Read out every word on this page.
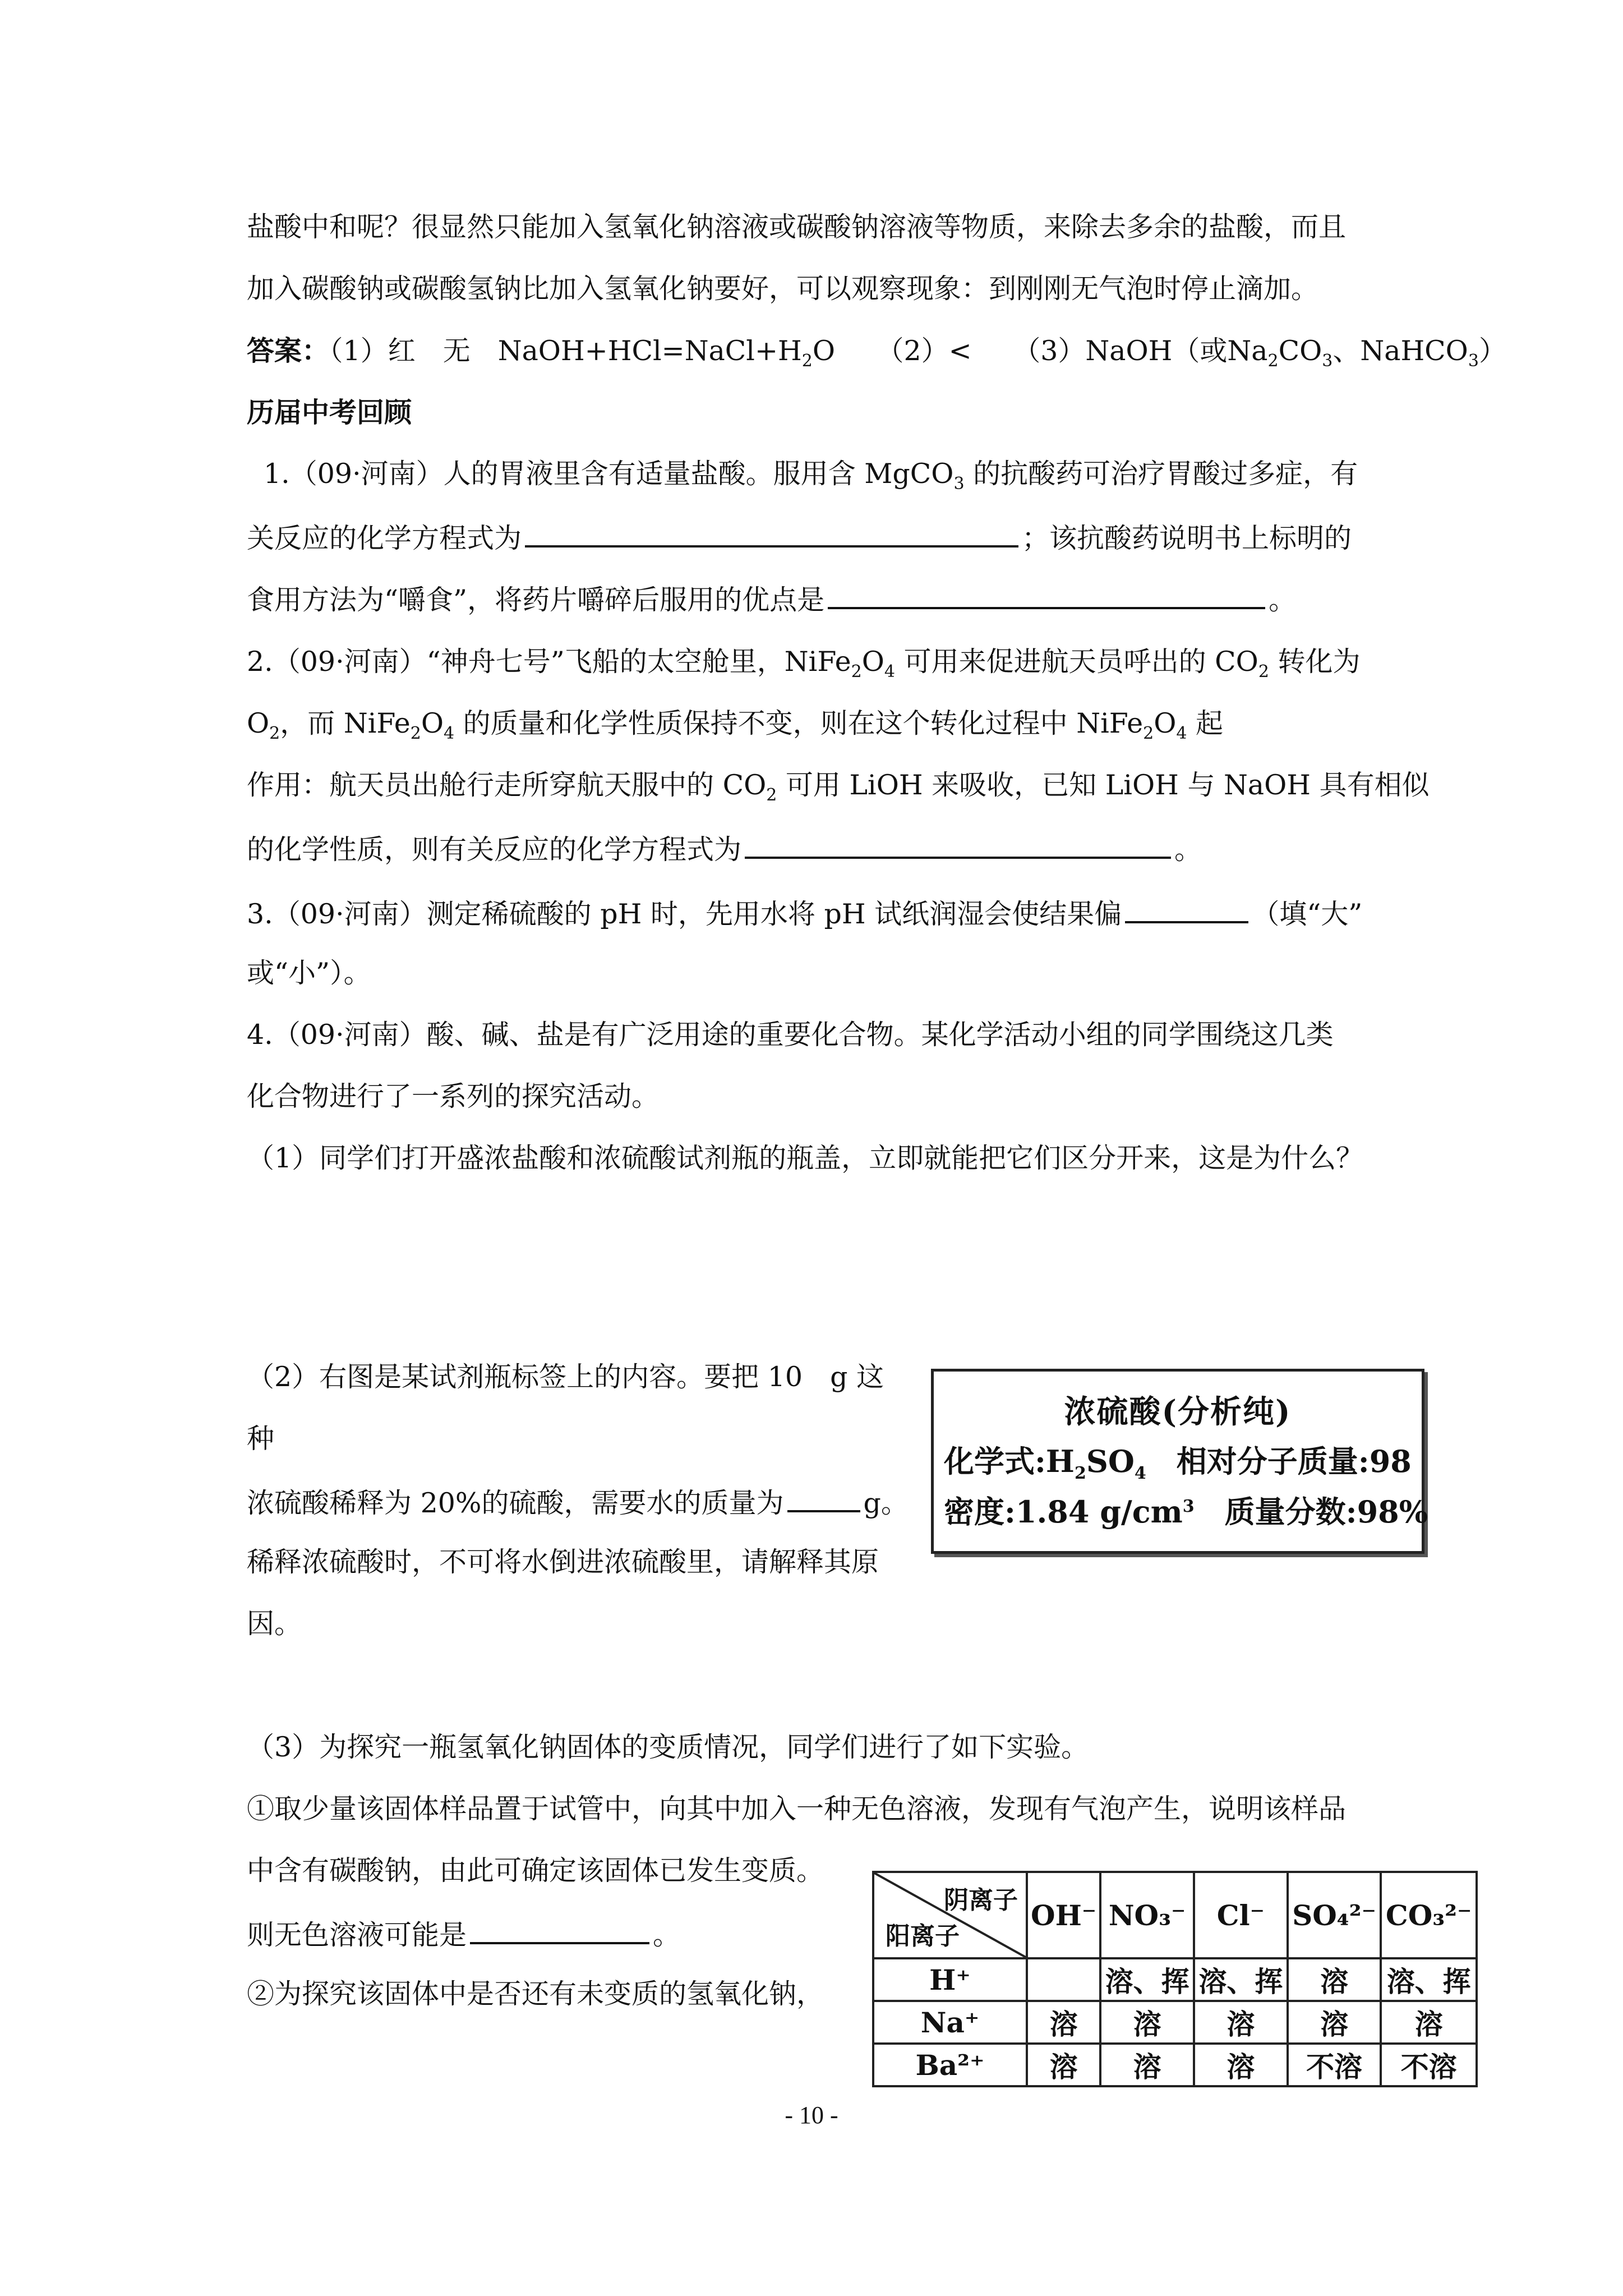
盐酸中和呢？很显然只能加入氢氧化钠溶液或碳酸钠溶液等物质，来除去多余的盐酸，而且
加入碳酸钠或碳酸氢钠比加入氢氧化钠要好，可以观察现象：到刚刚无气泡时停止滴加。
答案：（1）红　无　$NaOH+HCl=NaCl+H_2O$　　（2）<　　（3）NaOH（或$Na_2CO_3$、NaHCO$_3$）
历届中考回顾
1.（09·河南）人的胃液里含有适量盐酸。服用含 MgCO$_3$ 的抗酸药可治疗胃酸过多症，有
关反应的化学方程式为	；该抗酸药说明书上标明的
食用方法为“嚼食”，将药片嚼碎后服用的优点是	。
2.（09·河南）“神舟七号”飞船的太空舱里，$NiFe_2O_4$ 可用来促进航天员呼出的 $CO_2$ 转化为
$O_2$，而 $NiFe_2O_4$ 的质量和化学性质保持不变，则在这个转化过程中 $NiFe_2O_4$ 起
作用：航天员出舱行走所穿航天服中的 $CO_2$ 可用 LiOH 来吸收，已知 LiOH 与 NaOH 具有相似
的化学性质，则有关反应的化学方程式为	。
3.（09·河南）测定稀硫酸的 pH 时，先用水将 pH 试纸润湿会使结果偏	（填“大”
或“小”）。
4.（09·河南）酸、碱、盐是有广泛用途的重要化合物。某化学活动小组的同学围绕这几类
化合物进行了一系列的探究活动。
（1）同学们打开盛浓盐酸和浓硫酸试剂瓶的瓶盖，立即就能把它们区分开来，这是为什么？
（2）右图是某试剂瓶标签上的内容。要把 10　g 这
种
浓硫酸稀释为 20%的硫酸，需要水的质量为	g。
稀释浓硫酸时，不可将水倒进浓硫酸里，请解释其原
因。
浓硫酸(分析纯)
化学式$:H_2SO_4$　相对分子质量:98
密度:1.84 $g/cm^3$　质量分数:98%
（3）为探究一瓶氢氧化钠固体的变质情况，同学们进行了如下实验。
①取少量该固体样品置于试管中，向其中加入一种无色溶液，发现有气泡产生，说明该样品
中含有碳酸钠，由此可确定该固体已发生变质。
则无色溶液可能是	。
②为探究该固体中是否还有未变质的氢氧化钠，
阴离子
阳离子	OH⁻	NO₃⁻	Cl⁻	SO₄²⁻	CO₃²⁻
H⁺		溶、挥	溶、挥	溶	溶、挥
Na⁺	溶	溶	溶	溶	溶
Ba²⁺	溶	溶	溶	不溶	不溶
- 10 -
